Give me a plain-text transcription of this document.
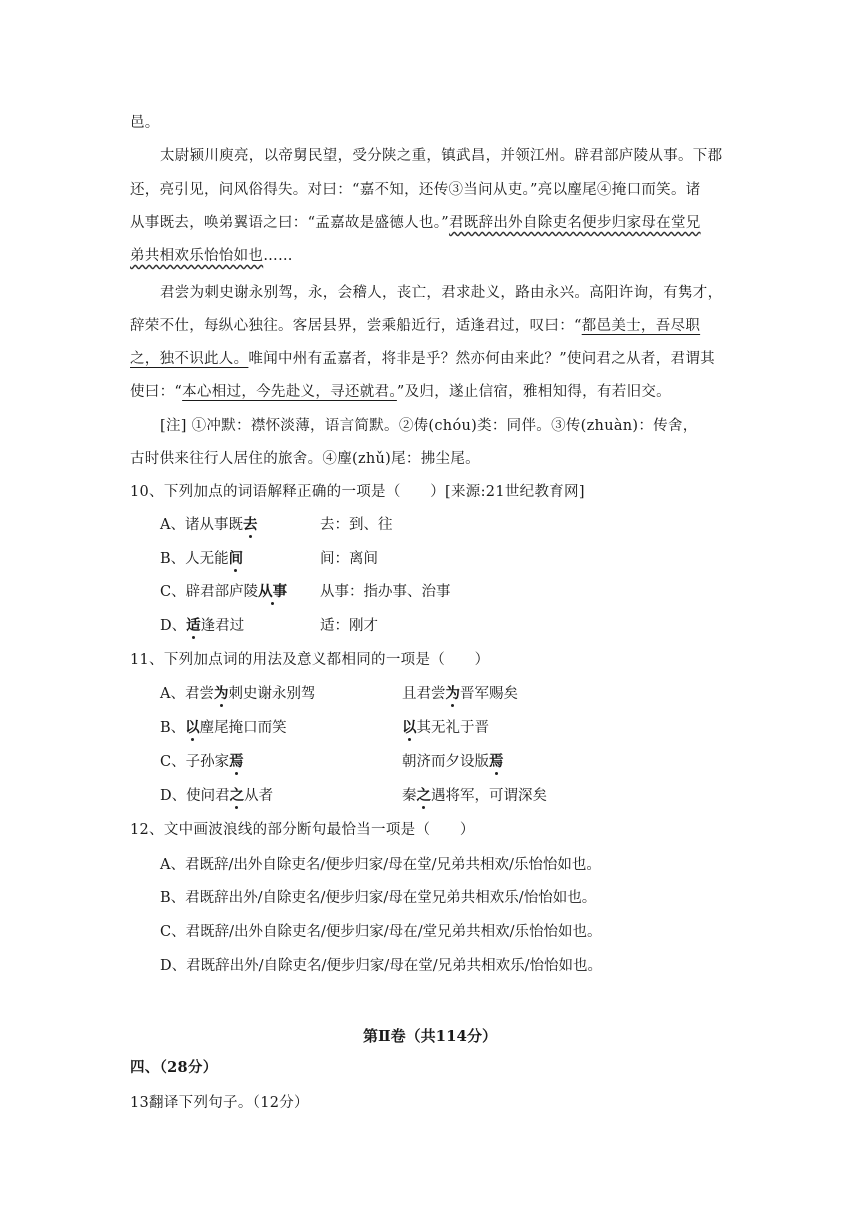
邑。
太尉颍川庾亮，以帝舅民望，受分陕之重，镇武昌，并领江州。辟君部庐陵从事。下郡
还，亮引见，问风俗得失。对曰：“嘉不知，还传③当问从吏。”亮以麈尾④掩口而笑。诸
从事既去，唤弟翼语之曰：“孟嘉故是盛德人也。”君既辞出外自除吏名便步归家母在堂兄
弟共相欢乐怡怡如也……
君尝为刺史谢永别驾，永，会稽人，丧亡，君求赴义，路由永兴。高阳许询，有隽才，
辞荣不仕，每纵心独往。客居县界，尝乘船近行，适逢君过，叹曰：“都邑美士，吾尽职
之，独不识此人。唯闻中州有孟嘉者，将非是乎？然亦何由来此？”使问君之从者，君谓其
使曰：“本心相过，今先赴义，寻还就君。”及归，遂止信宿，雅相知得，有若旧交。
[注] ①冲默：襟怀淡薄，语言简默。②俦(chóu)类：同伴。③传(zhuàn)：传舍，
古时供来往行人居住的旅舍。④麈(zhǔ)尾：拂尘尾。
10、下列加点的词语解释正确的一项是（　　）[来源:21世纪教育网]
A、诸从事既去	去：到、往
B、人无能间	间：离间
C、辟君部庐陵从事 从事：指办事、治事
D、适逢君过	适：刚才
11、下列加点词的用法及意义都相同的一项是（　　）
A、君尝为刺史谢永别驾	且君尝为晋军赐矣
B、以麈尾掩口而笑	以其无礼于晋
C、子孙家焉	朝济而夕设版焉
D、使问君之从者	秦之遇将军，可谓深矣
12、文中画波浪线的部分断句最恰当一项是（　　）
A、君既辞/出外自除吏名/便步归家/母在堂/兄弟共相欢/乐怡怡如也。
B、君既辞出外/自除吏名/便步归家/母在堂兄弟共相欢乐/怡怡如也。
C、君既辞/出外自除吏名/便步归家/母在/堂兄弟共相欢/乐怡怡如也。
D、君既辞出外/自除吏名/便步归家/母在堂/兄弟共相欢乐/怡怡如也。
第Ⅱ卷（共114分）
四、（28分）
13翻译下列句子。（12分）
